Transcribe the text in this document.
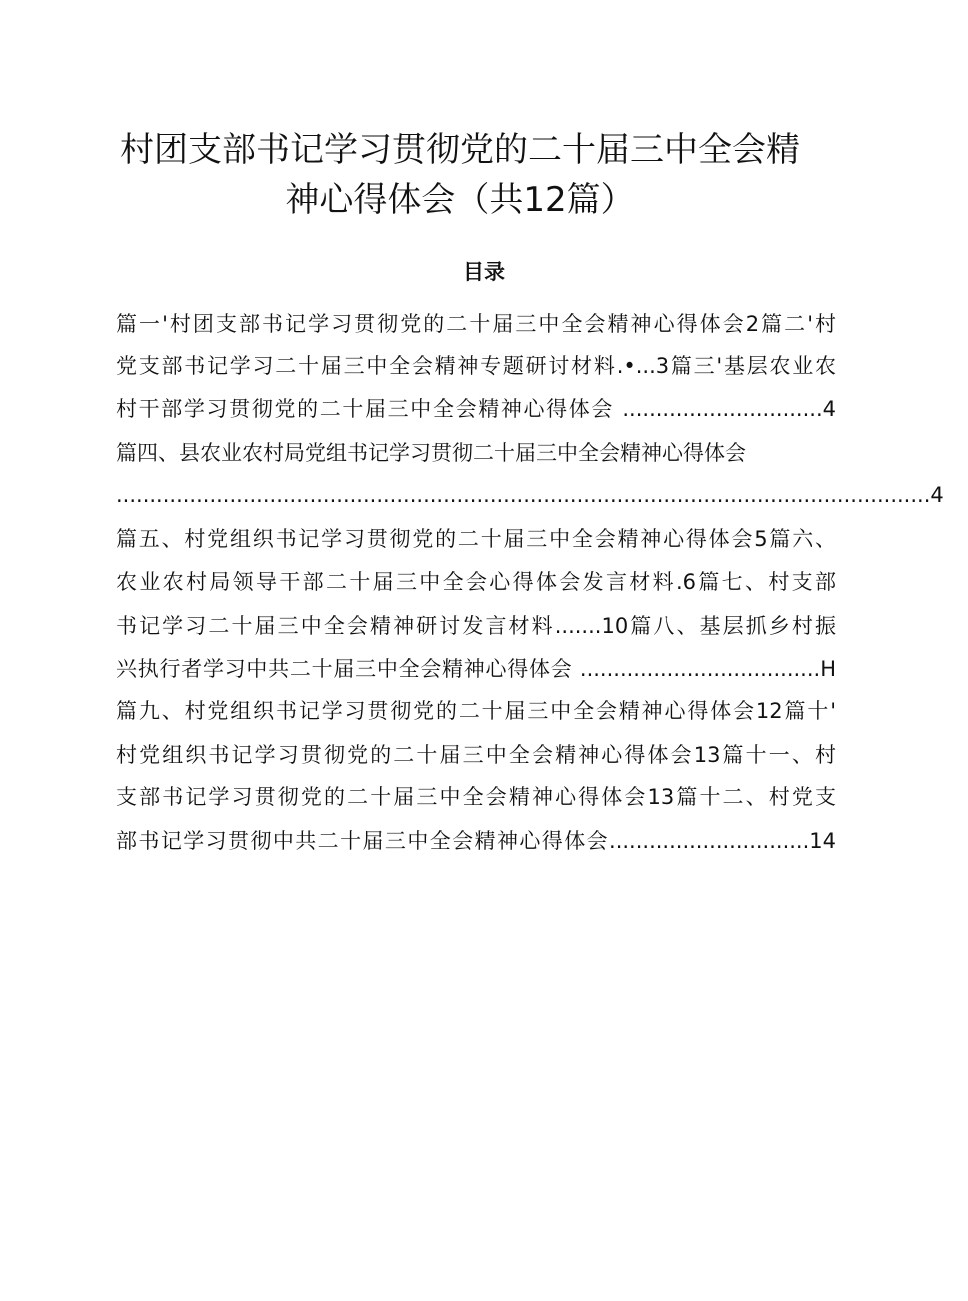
村团支部书记学习贯彻党的二十届三中全会精
神心得体会（共12篇）
目录
篇一'村团支部书记学习贯彻党的二十届三中全会精神心得体会2篇二'村
党支部书记学习二十届三中全会精神专题研讨材料.•...3篇三'基层农业农
村干部学习贯彻党的二十届三中全会精神心得体会 ..............................4
篇四、县农业农村局党组书记学习贯彻二十届三中全会精神心得体会
..........................................................................................................................4
篇五、村党组织书记学习贯彻党的二十届三中全会精神心得体会5篇六、
农业农村局领导干部二十届三中全会心得体会发言材料.6篇七、村支部
书记学习二十届三中全会精神研讨发言材料.......10篇八、基层抓乡村振
兴执行者学习中共二十届三中全会精神心得体会 ....................................H
篇九、村党组织书记学习贯彻党的二十届三中全会精神心得体会12篇十'
村党组织书记学习贯彻党的二十届三中全会精神心得体会13篇十一、村
支部书记学习贯彻党的二十届三中全会精神心得体会13篇十二、村党支
部书记学习贯彻中共二十届三中全会精神心得体会..............................14
